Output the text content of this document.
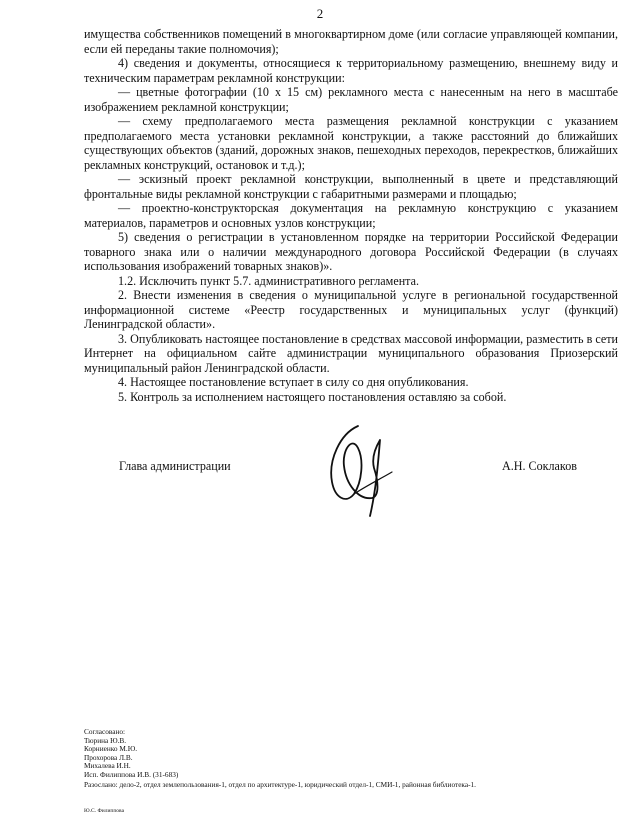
2

имущества собственников помещений в многоквартирном доме (или согласие управляющей компании, если ей переданы такие полномочия);

4) сведения и документы, относящиеся к территориальному размещению, внешнему виду и техническим параметрам рекламной конструкции:

— цветные фотографии (10 х 15 см) рекламного места с нанесенным на него в масштабе изображением рекламной конструкции;

— схему предполагаемого места размещения рекламной конструкции с указанием предполагаемого места установки рекламной конструкции, а также расстояний до ближайших существующих объектов (зданий, дорожных знаков, пешеходных переходов, перекрестков, ближайших рекламных конструкций, остановок и т.д.);

— эскизный проект рекламной конструкции, выполненный в цвете и представляющий фронтальные виды рекламной конструкции с габаритными размерами и площадью;

— проектно-конструкторская документация на рекламную конструкцию с указанием материалов, параметров и основных узлов конструкции;

5) сведения о регистрации в установленном порядке на территории Российской Федерации товарного знака или о наличии международного договора Российской Федерации (в случаях использования изображений товарных знаков)».

1.2. Исключить пункт 5.7. административного регламента.

2. Внести изменения в сведения о муниципальной услуге в региональной государственной информационной системе «Реестр государственных и муниципальных услуг (функций) Ленинградской области».

3. Опубликовать настоящее постановление в средствах массовой информации, разместить в сети Интернет на официальном сайте администрации муниципального образования Приозерский муниципальный район Ленинградской области.

4. Настоящее постановление вступает в силу со дня опубликования.

5. Контроль за исполнением настоящего постановления оставляю за собой.

Глава администрации	А.Н. Соклаков
Согласовано:
Тюрина Ю.В.
Корниенко М.Ю.
Прохорова Л.В.
Михалева И.Н.
Исп. Филиппова И.В. (31-683)
Разослано: дело-2, отдел землепользования-1, отдел по архитектуре-1, юридический отдел-1, СМИ-1, районная библиотека-1.
Ю.С. Филиппова
